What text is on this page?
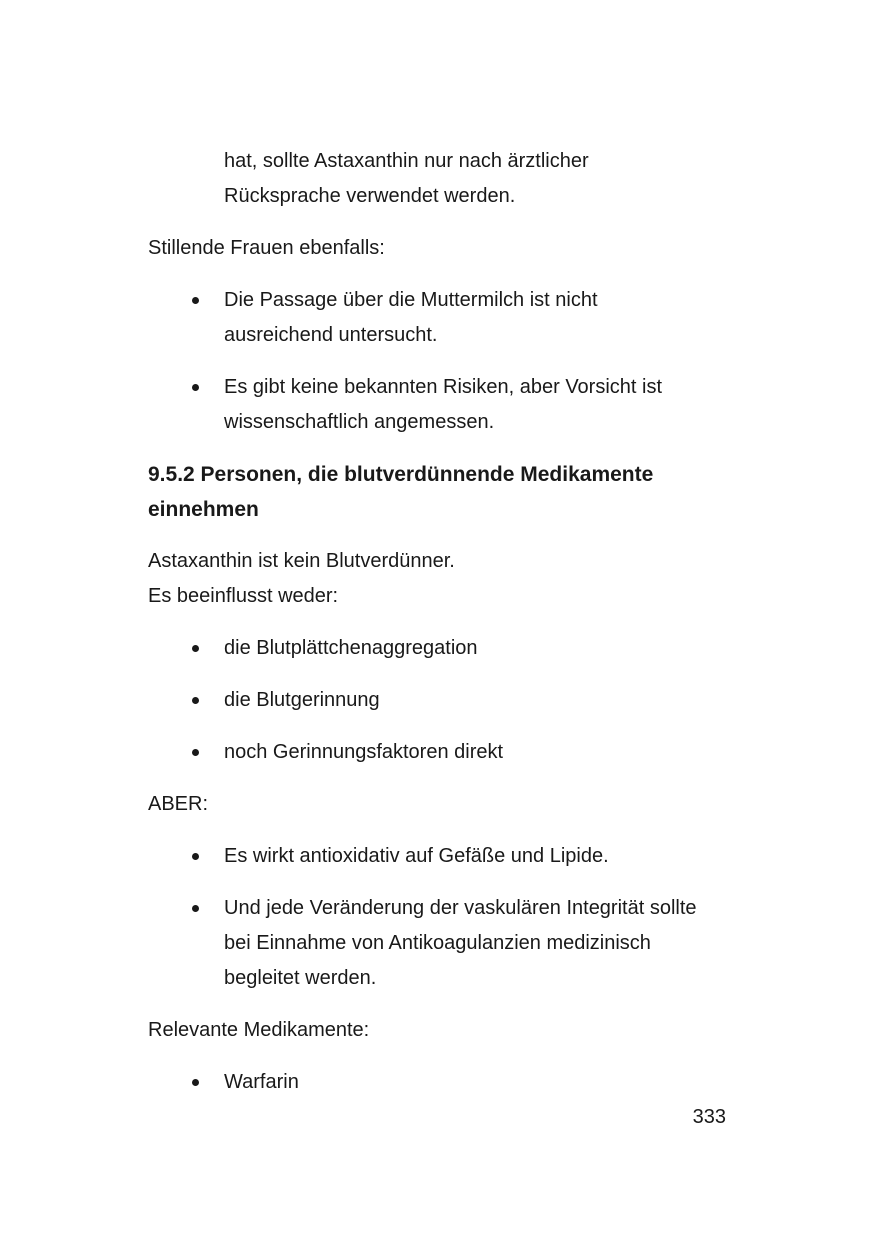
hat, sollte Astaxanthin nur nach ärztlicher Rücksprache verwendet werden.

Stillende Frauen ebenfalls:

Die Passage über die Muttermilch ist nicht ausreichend untersucht.
Es gibt keine bekannten Risiken, aber Vorsicht ist wissenschaftlich angemessen.
9.5.2 Personen, die blutverdünnende Medikamente einnehmen

Astaxanthin ist kein Blutverdünner.
Es beeinflusst weder:

die Blutplättchenaggregation
die Blutgerinnung
noch Gerinnungsfaktoren direkt

ABER:

Es wirkt antioxidativ auf Gefäße und Lipide.
Und jede Veränderung der vaskulären Integrität sollte bei Einnahme von Antikoagulanzien medizinisch begleitet werden.

Relevante Medikamente:

Warfarin
333
